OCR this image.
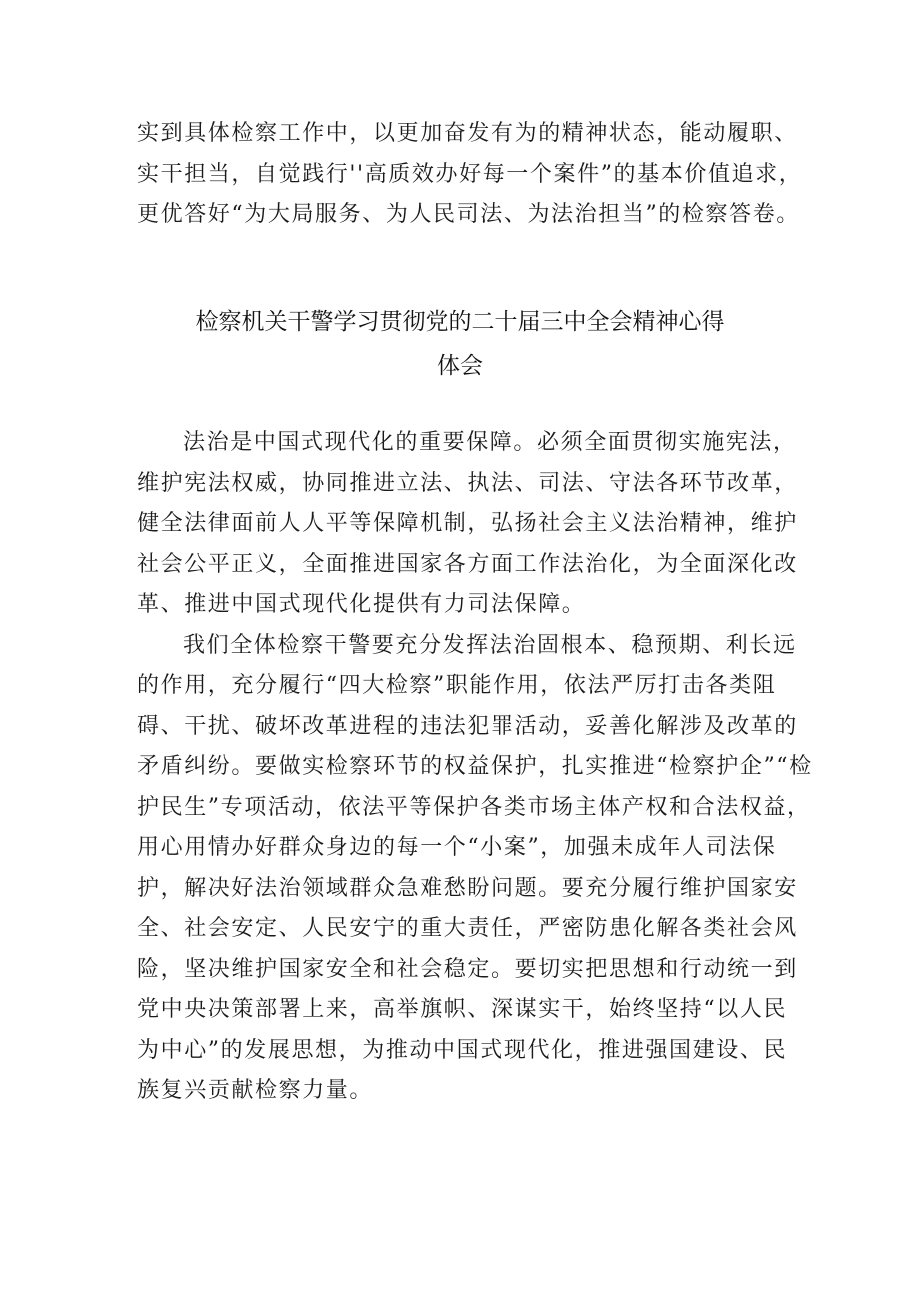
实到具体检察工作中，以更加奋发有为的精神状态，能动履职、
实干担当，自觉践行''高质效办好每一个案件”的基本价值追求，
更优答好“为大局服务、为人民司法、为法治担当”的检察答卷。
检察机关干警学习贯彻党的二十届三中全会精神心得
体会
法治是中国式现代化的重要保障。必须全面贯彻实施宪法，
维护宪法权威，协同推进立法、执法、司法、守法各环节改革，
健全法律面前人人平等保障机制，弘扬社会主义法治精神，维护
社会公平正义，全面推进国家各方面工作法治化，为全面深化改
革、推进中国式现代化提供有力司法保障。
我们全体检察干警要充分发挥法治固根本、稳预期、利长远
的作用，充分履行“四大检察”职能作用，依法严厉打击各类阻
碍、干扰、破坏改革进程的违法犯罪活动，妥善化解涉及改革的
矛盾纠纷。要做实检察环节的权益保护，扎实推进“检察护企”“检
护民生”专项活动，依法平等保护各类市场主体产权和合法权益，
用心用情办好群众身边的每一个“小案”，加强未成年人司法保
护，解决好法治领域群众急难愁盼问题。要充分履行维护国家安
全、社会安定、人民安宁的重大责任，严密防患化解各类社会风
险，坚决维护国家安全和社会稳定。要切实把思想和行动统一到
党中央决策部署上来，高举旗帜、深谋实干，始终坚持“以人民
为中心”的发展思想，为推动中国式现代化，推进强国建设、民
族复兴贡献检察力量。
